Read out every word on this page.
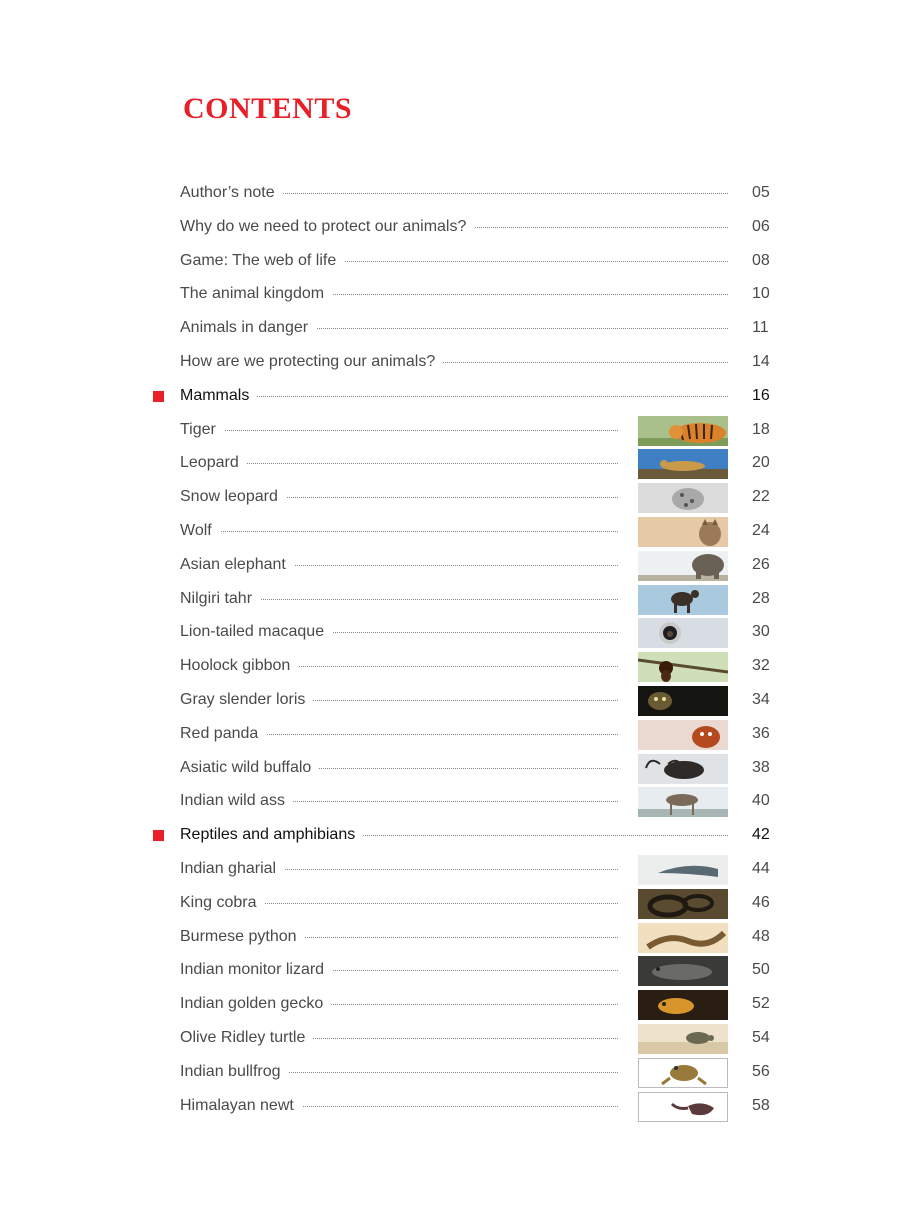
CONTENTS
Author’s note	05
Why do we need to protect our animals?	06
Game: The web of life	08
The animal kingdom	10
Animals in danger	11
How are we protecting our animals?	14
Mammals	16
Tiger	18
Leopard	20
Snow leopard	22
Wolf	24
Asian elephant	26
Nilgiri tahr	28
Lion-tailed macaque	30
Hoolock gibbon	32
Gray slender loris	34
Red panda	36
Asiatic wild buffalo	38
Indian wild ass	40
Reptiles and amphibians	42
Indian gharial	44
King cobra	46
Burmese python	48
Indian monitor lizard	50
Indian golden gecko	52
Olive Ridley turtle	54
Indian bullfrog	56
Himalayan newt	58
